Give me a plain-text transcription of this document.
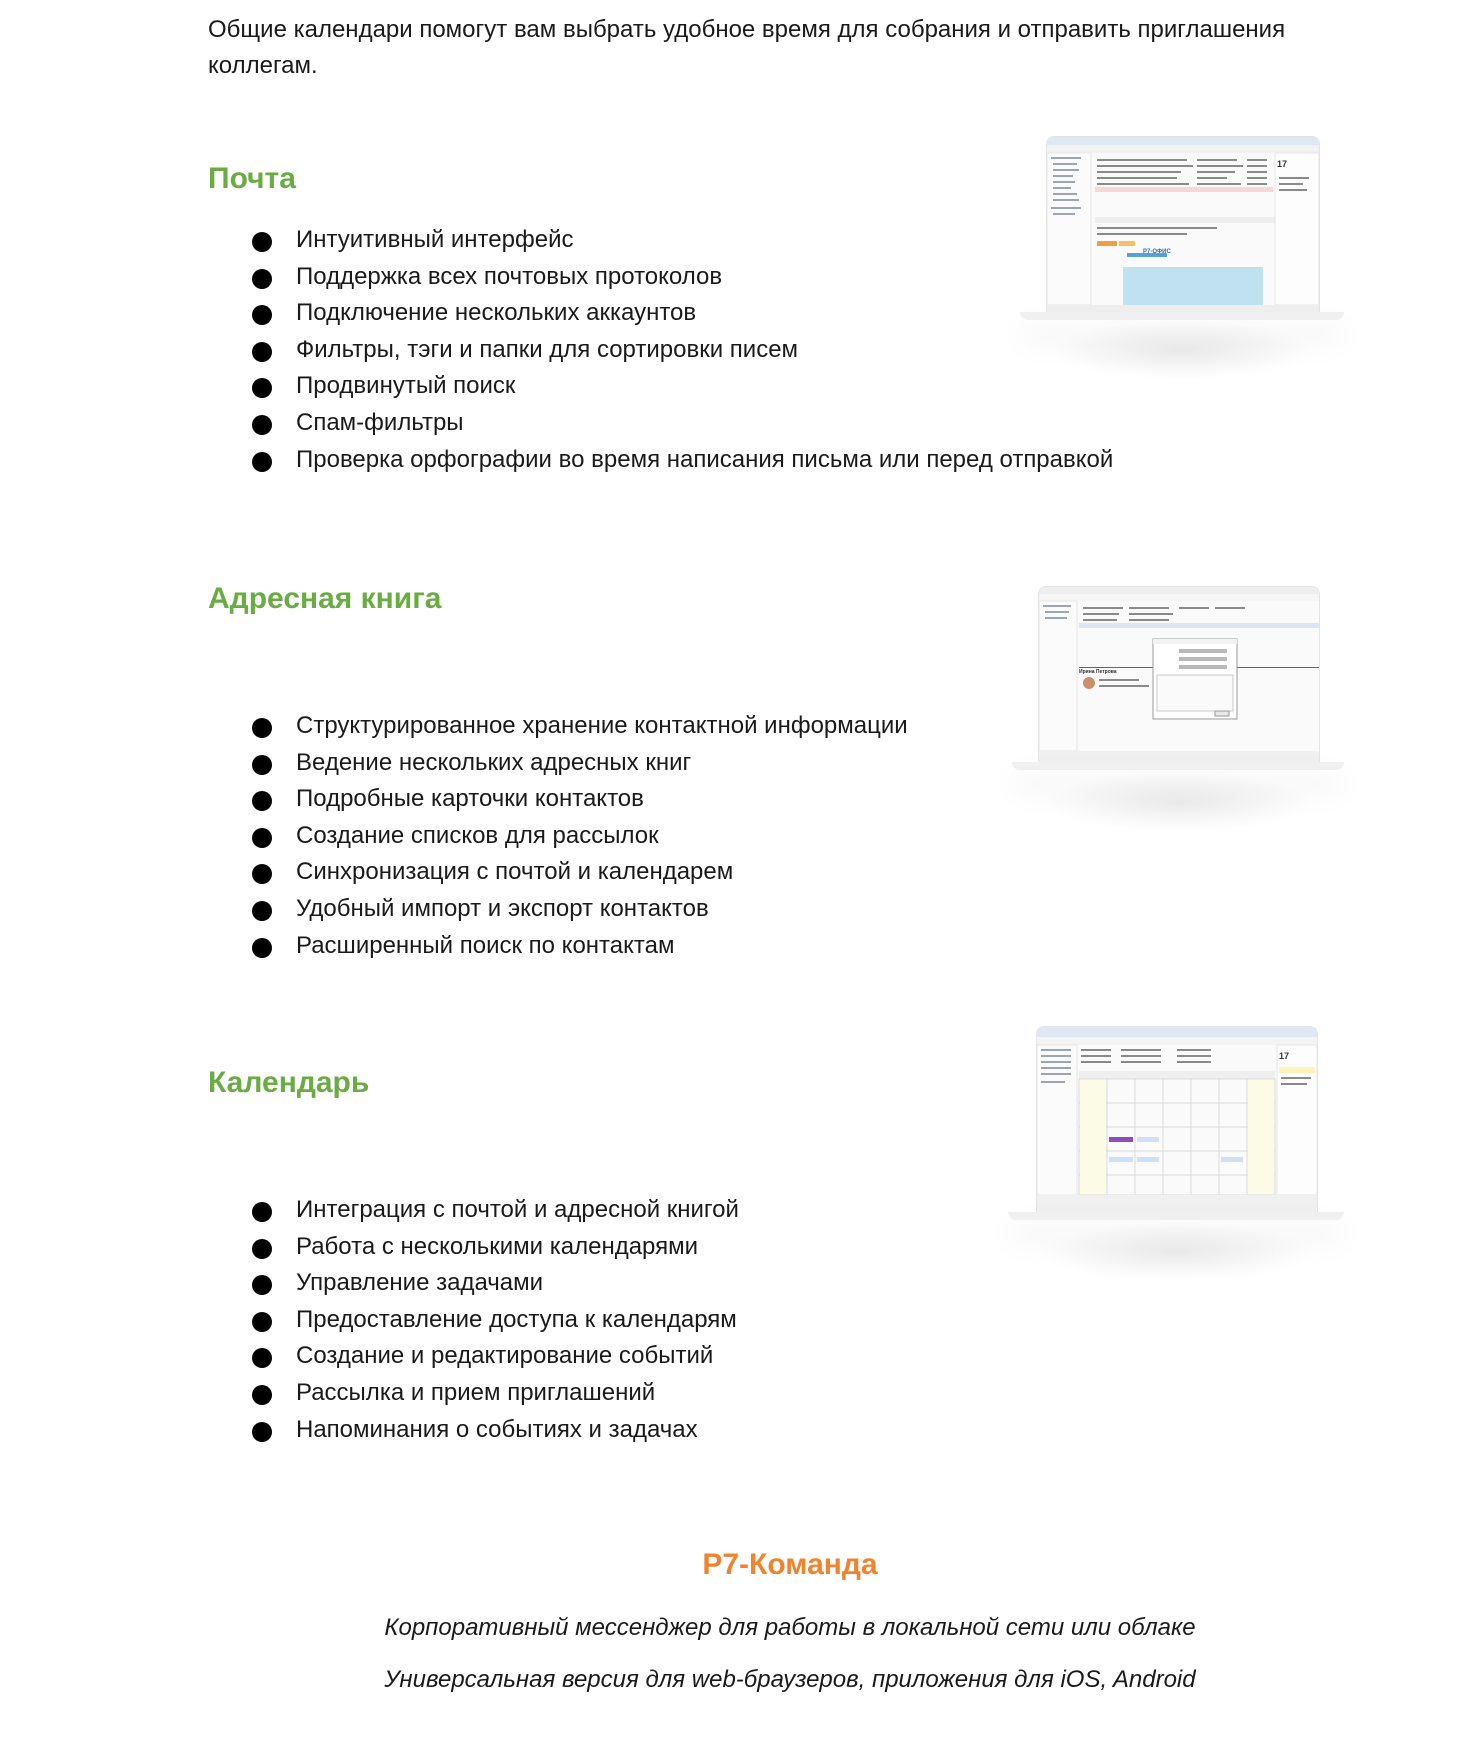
Общие календари помогут вам выбрать удобное время для собрания и отправить приглашения коллегам.
Почта
Интуитивный интерфейс
Поддержка всех почтовых протоколов
Подключение нескольких аккаунтов
Фильтры, тэги и папки для сортировки писем
Продвинутый поиск
Спам-фильтры
Проверка орфографии во время написания письма или перед отправкой
17
Р7-ОФИС
Адресная книга
Структурированное хранение контактной информации
Ведение нескольких адресных книг
Подробные карточки контактов
Создание списков для рассылок
Синхронизация с почтой и календарем
Удобный импорт и экспорт контактов
Расширенный поиск по контактам
Ирина Петрова
Календарь
Интеграция с почтой и адресной книгой
Работа с несколькими календарями
Управление задачами
Предоставление доступа к календарям
Создание и редактирование событий
Рассылка и прием приглашений
Напоминания о событиях и задачах
17
Р7-Команда
Корпоративный мессенджер для работы в локальной сети или облаке
Универсальная версия для web-браузеров, приложения для iOS, Android
